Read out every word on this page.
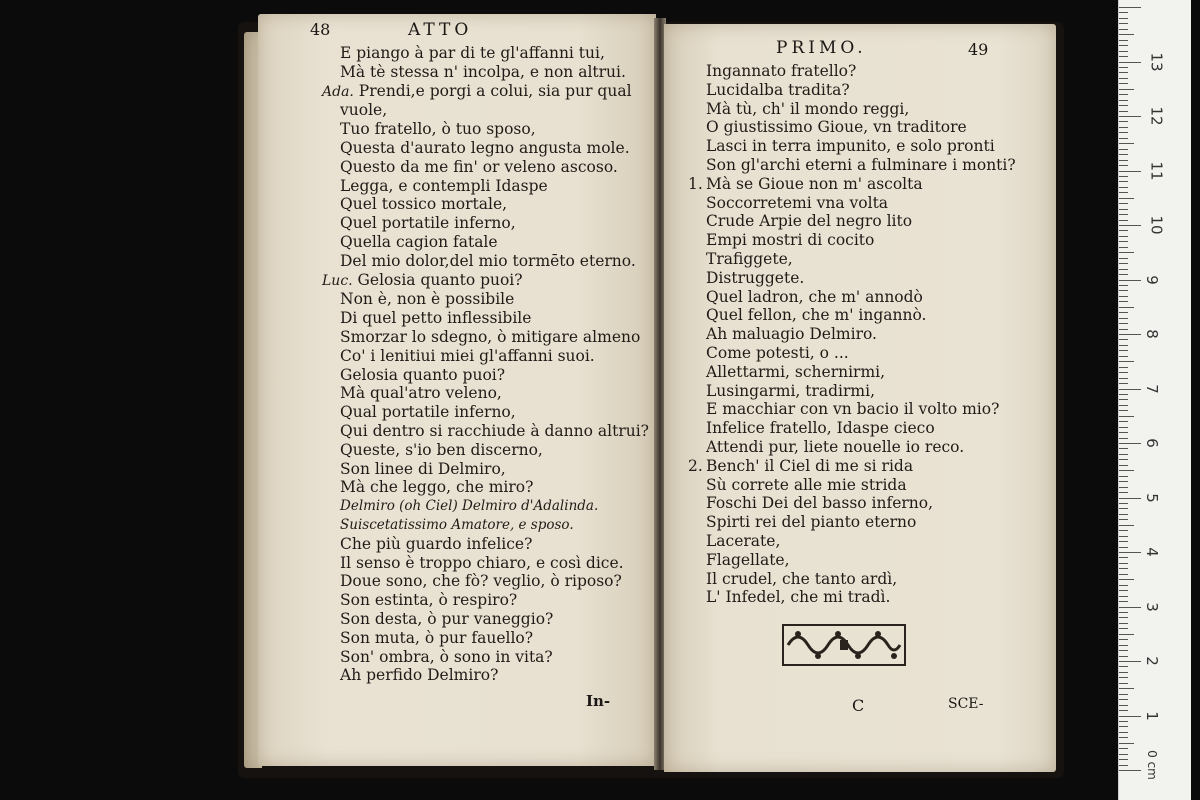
48	ATTO
E piango à par di te gl'affanni tui,
Mà tè stessa n' incolpa, e non altrui.
Ada. Prendi,e porgi a colui, sia pur qual
vuole,
Tuo fratello, ò tuo sposo,
Questa d'aurato legno angusta mole.
Questo da me fin' or veleno ascoso.
Legga, e contempli Idaspe
Quel tossico mortale,
Quel portatile inferno,
Quella cagion fatale
Del mio dolor,del mio tormēto eterno.
Luc. Gelosia quanto puoi?
Non è, non è possibile
Di quel petto inflessibile
Smorzar lo sdegno, ò mitigare almeno
Co' i lenitiui miei gl'affanni suoi.
Gelosia quanto puoi?
Mà qual'atro veleno,
Qual portatile inferno,
Qui dentro si racchiude à danno altrui?
Queste, s'io ben discerno,
Son linee di Delmiro,
Mà che leggo, che miro?
Delmiro (oh Ciel) Delmiro d'Adalinda.
Suiscetatissimo Amatore, e sposo.
Che più guardo infelice?
Il senso è troppo chiaro, e così dice.
Doue sono, che fò? veglio, ò riposo?
Son estinta, ò respiro?
Son desta, ò pur vaneggio?
Son muta, ò pur fauello?
Son' ombra, ò sono in vita?
Ah perfido Delmiro?
In-
PRIMO.	49
Ingannato fratello?
Lucidalba tradita?
Mà tù, ch' il mondo reggi,
O giustissimo Gioue, vn traditore
Lasci in terra impunito, e solo pronti
Son gl'archi eterni a fulminare i monti?
1. Mà se Gioue non m' ascolta
Soccorretemi vna volta
Crude Arpie del negro lito
Empi mostri di cocito
Trafiggete,
Distruggete.
Quel ladron, che m' annodò
Quel fellon, che m' ingannò.
Ah maluagio Delmiro.
Come potesti, o ...
Allettarmi, schernirmi,
Lusingarmi, tradirmi,
E macchiar con vn bacio il volto mio?
Infelice fratello, Idaspe cieco
Attendi pur, liete nouelle io reco.
2. Bench' il Ciel di me si rida
Sù correte alle mie strida
Foschi Dei del basso inferno,
Spirti rei del pianto eterno
Lacerate,
Flagellate,
Il crudel, che tanto ardì,
L' Infedel, che mi tradì.
C	SCE-
1
2
3
4
5
6
7
8
9
10
11
12
13
0 cm
